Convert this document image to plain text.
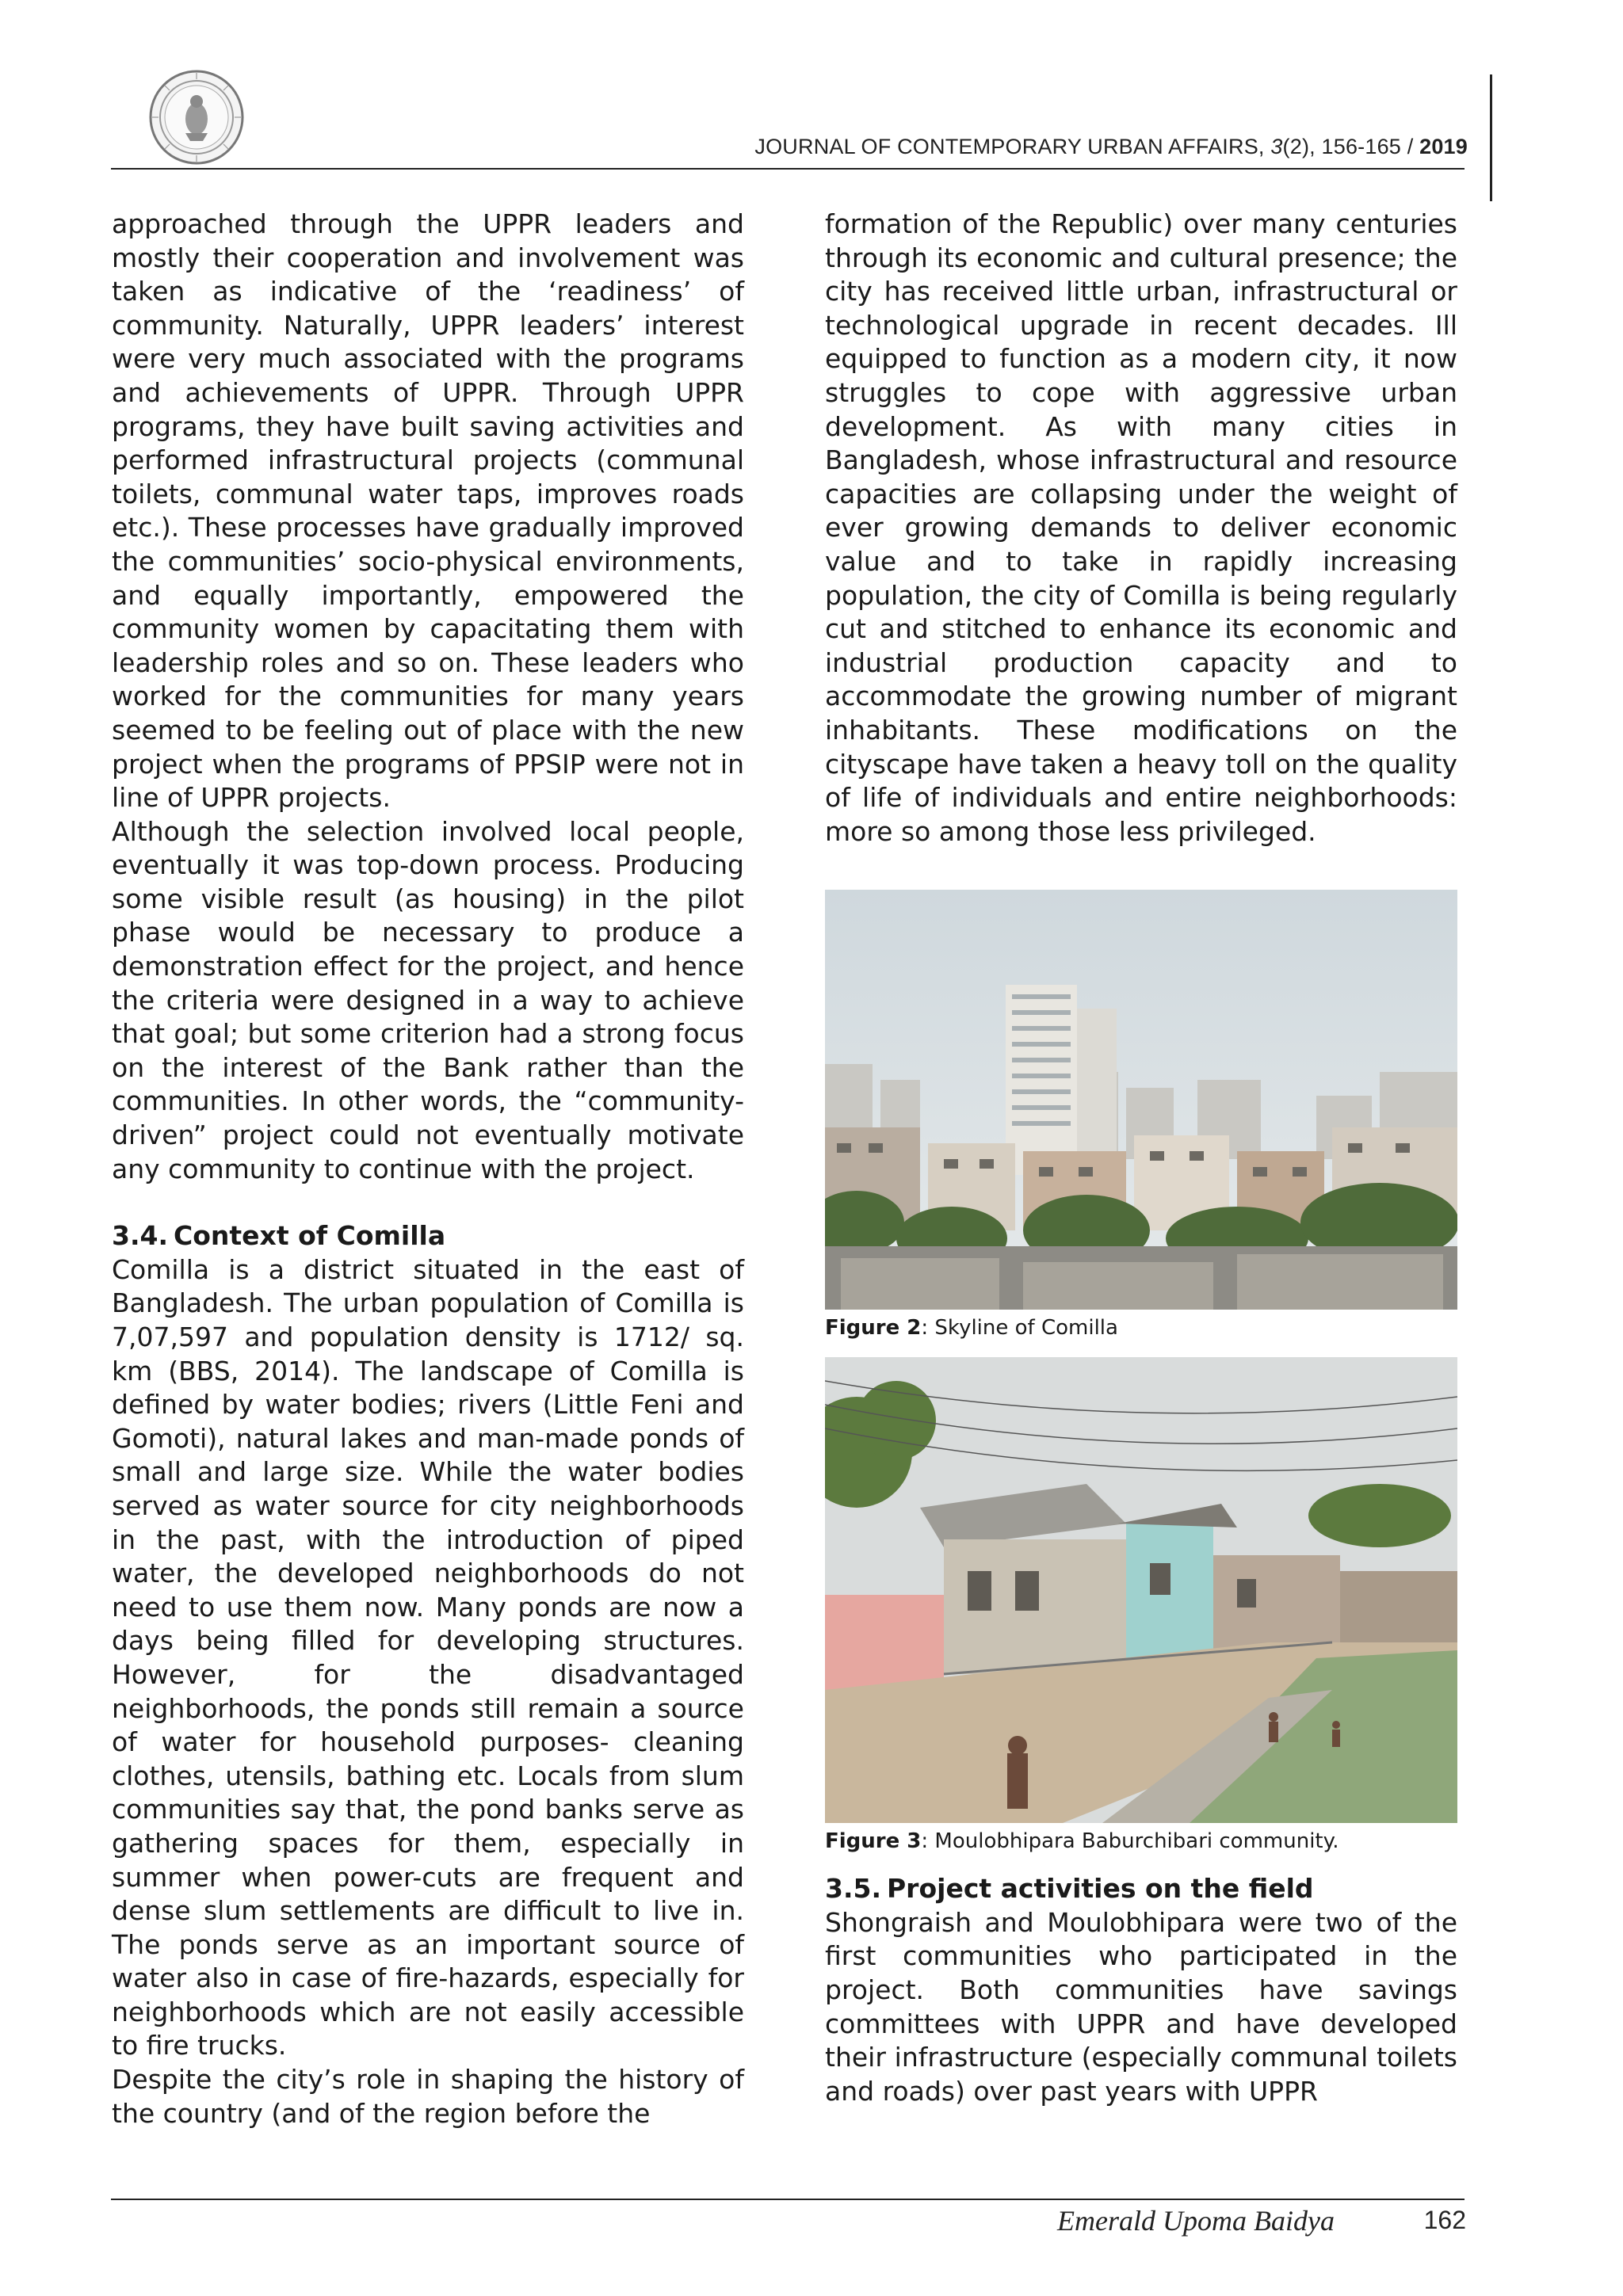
JOURNAL OF CONTEMPORARY URBAN AFFAIRS, 3(2), 156-165 / 2019

approached through the UPPR leaders and mostly their cooperation and involvement was taken as indicative of the ‘readiness’ of community. Naturally, UPPR leaders’ interest were very much associated with the programs and achievements of UPPR. Through UPPR programs, they have built saving activities and performed infrastructural projects (communal toilets, communal water taps, improves roads etc.). These processes have gradually improved the communities’ socio-physical environments, and equally importantly, empowered the community women by capacitating them with leadership roles and so on. These leaders who worked for the communities for many years seemed to be feeling out of place with the new project when the programs of PPSIP were not in line of UPPR projects.

Although the selection involved local people, eventually it was top-down process. Producing some visible result (as housing) in the pilot phase would be necessary to produce a demonstration effect for the project, and hence the criteria were designed in a way to achieve that goal; but some criterion had a strong focus on the interest of the Bank rather than the communities. In other words, the “community-driven” project could not eventually motivate any community to continue with the project.

3.4. Context of Comilla

Comilla is a district situated in the east of Bangladesh. The urban population of Comilla is 7,07,597 and population density is 1712/ sq. km (BBS, 2014). The landscape of Comilla is defined by water bodies; rivers (Little Feni and Gomoti), natural lakes and man-made ponds of small and large size. While the water bodies served as water source for city neighborhoods in the past, with the introduction of piped water, the developed neighborhoods do not need to use them now. Many ponds are now a days being filled for developing structures. However, for the disadvantaged neighborhoods, the ponds still remain a source of water for household purposes- cleaning clothes, utensils, bathing etc. Locals from slum communities say that, the pond banks serve as gathering spaces for them, especially in summer when power-cuts are frequent and dense slum settlements are difficult to live in. The ponds serve as an important source of water also in case of fire-hazards, especially for neighborhoods which are not easily accessible to fire trucks.

Despite the city’s role in shaping the history of the country (and of the region before the

formation of the Republic) over many centuries through its economic and cultural presence; the city has received little urban, infrastructural or technological upgrade in recent decades. Ill equipped to function as a modern city, it now struggles to cope with aggressive urban development. As with many cities in Bangladesh, whose infrastructural and resource capacities are collapsing under the weight of ever growing demands to deliver economic value and to take in rapidly increasing population, the city of Comilla is being regularly cut and stitched to enhance its economic and industrial production capacity and to accommodate the growing number of migrant inhabitants. These modifications on the cityscape have taken a heavy toll on the quality of life of individuals and entire neighborhoods: more so among those less privileged.

Figure 2: Skyline of Comilla
Figure 3: Moulobhipara Baburchibari community.
3.5. Project activities on the field

Shongraish and Moulobhipara were two of the first communities who participated in the project. Both communities have savings committees with UPPR and have developed their infrastructure (especially communal toilets and roads) over past years with UPPR

Emerald Upoma Baidya	162
